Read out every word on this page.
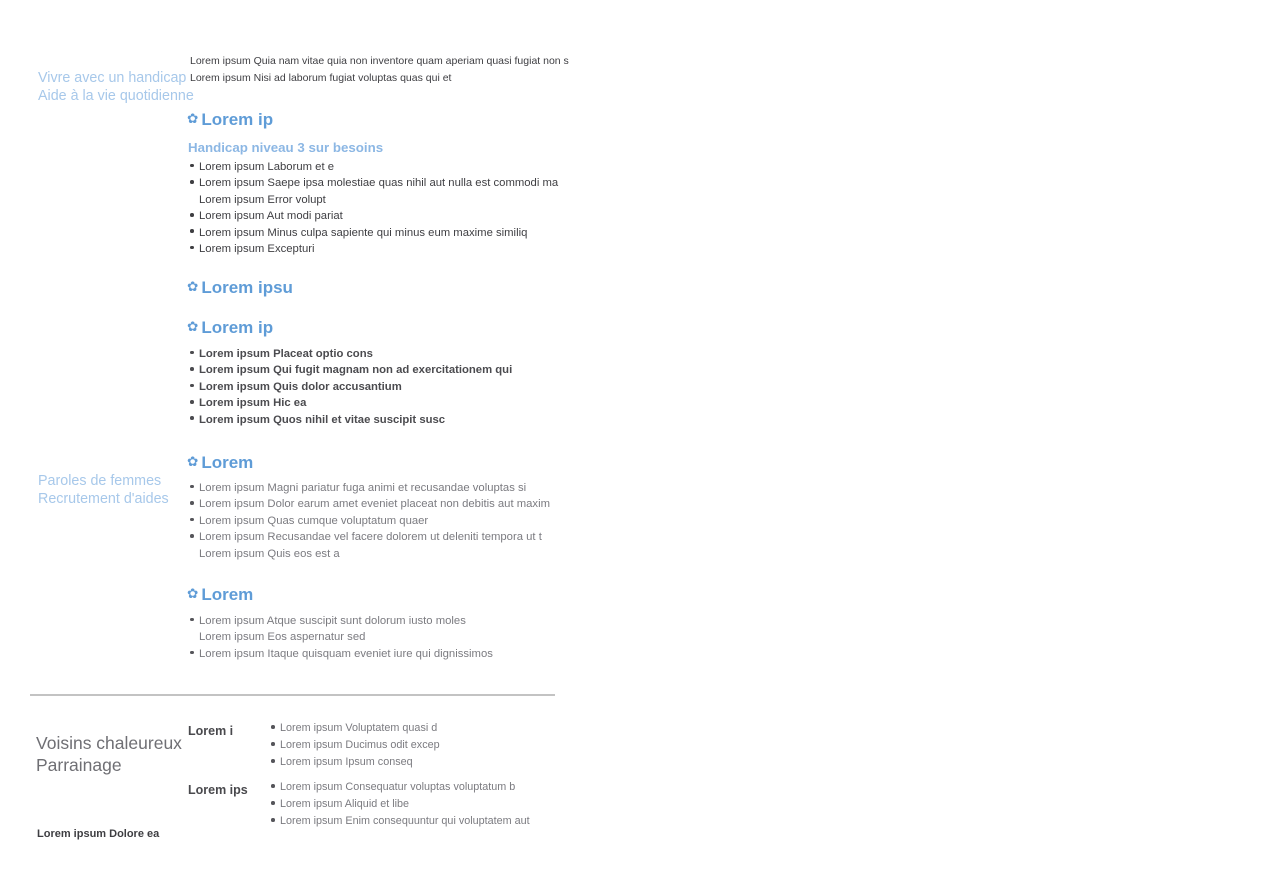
Lorem ipsum Quia nam vitae quia non inventore quam aperiam quasi fugiat non s
Lorem ipsum Nisi ad laborum fugiat voluptas quas qui et
Vivre avec un handicap
Aide à la vie quotidienne
✿ Lorem ip
Handicap niveau 3 sur besoins
Lorem ipsum Laborum et e
Lorem ipsum Saepe ipsa molestiae quas nihil aut nulla est commodi ma
Lorem ipsum Error volupt
Lorem ipsum Aut modi pariat
Lorem ipsum Minus culpa sapiente qui minus eum maxime similiq
Lorem ipsum Excepturi
✿ Lorem ipsu
✿ Lorem ip
Lorem ipsum Placeat optio cons
Lorem ipsum Qui fugit magnam non ad exercitationem qui
Lorem ipsum Quis dolor accusantium
Lorem ipsum Hic ea
Lorem ipsum Quos nihil et vitae suscipit susc
Paroles de femmes
Recrutement d'aides
✿ Lorem
Lorem ipsum Magni pariatur fuga animi et recusandae voluptas si
Lorem ipsum Dolor earum amet eveniet placeat non debitis aut maxim
Lorem ipsum Quas cumque voluptatum quaer
Lorem ipsum Recusandae vel facere dolorem ut deleniti tempora ut t
Lorem ipsum Quis eos est a
✿ Lorem
Lorem ipsum Atque suscipit sunt dolorum iusto moles
Lorem ipsum Eos aspernatur sed
Lorem ipsum Itaque quisquam eveniet iure qui dignissimos
Voisins chaleureux
Parrainage
Lorem i	Lorem ipsum Voluptatem quasi d
Lorem ipsum Ducimus odit excep
Lorem ipsum Ipsum conseq
Lorem ips	Lorem ipsum Consequatur voluptas voluptatum b
Lorem ipsum Aliquid et libe
Lorem ipsum Enim consequuntur qui voluptatem aut
Lorem ipsum Dolore ea
